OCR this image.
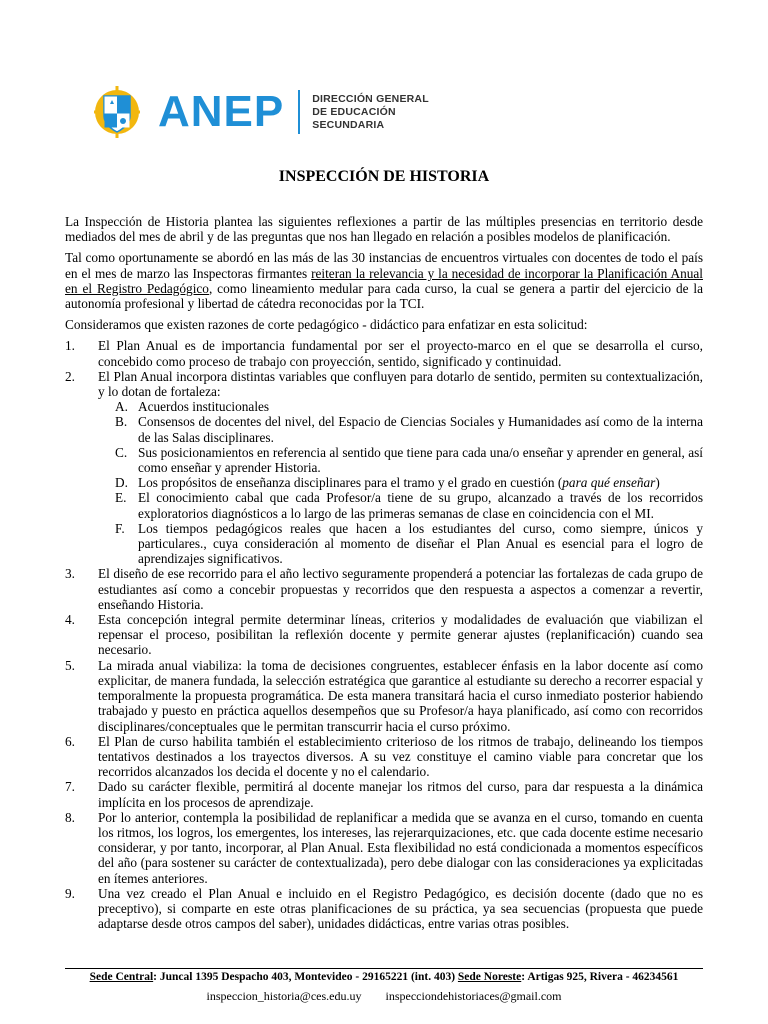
ANEP	DIRECCIÓN GENERAL
DE EDUCACIÓN
SECUNDARIA
INSPECCIÓN DE HISTORIA

La Inspección de Historia plantea las siguientes reflexiones a partir de las múltiples presencias en territorio desde mediados del mes de abril y de las preguntas que nos han llegado en relación a posibles modelos de planificación.

Tal como oportunamente se abordó en las más de las 30 instancias de encuentros virtuales con docentes de todo el país en el mes de marzo las Inspectoras firmantes reiteran la relevancia y la necesidad de incorporar la Planificación Anual en el Registro Pedagógico, como lineamiento medular para cada curso, la cual se genera a partir del ejercicio de la autonomía profesional y libertad de cátedra reconocidas por la TCI.

Consideramos que existen razones de corte pedagógico - didáctico para enfatizar en esta solicitud:

1. El Plan Anual es de importancia fundamental por ser el proyecto-marco en el que se desarrolla el curso, concebido como proceso de trabajo con proyección, sentido, significado y continuidad.
2. El Plan Anual incorpora distintas variables que confluyen para dotarlo de sentido, permiten su contextualización, y lo dotan de fortaleza:
A. Acuerdos institucionales
B. Consensos de docentes del nivel, del Espacio de Ciencias Sociales y Humanidades así como de la interna de las Salas disciplinares.
C. Sus posicionamientos en referencia al sentido que tiene para cada una/o enseñar y aprender en general, así como enseñar y aprender Historia.
D. Los propósitos de enseñanza disciplinares para el tramo y el grado en cuestión (para qué enseñar)
E. El conocimiento cabal que cada Profesor/a tiene de su grupo, alcanzado a través de los recorridos exploratorios diagnósticos a lo largo de las primeras semanas de clase en coincidencia con el MI.
F. Los tiempos pedagógicos reales que hacen a los estudiantes del curso, como siempre, únicos y particulares., cuya consideración al momento de diseñar el Plan Anual es esencial para el logro de aprendizajes significativos.
3. El diseño de ese recorrido para el año lectivo seguramente propenderá a potenciar las fortalezas de cada grupo de estudiantes así como a concebir propuestas y recorridos que den respuesta a aspectos a comenzar a revertir, enseñando Historia.
4. Esta concepción integral permite determinar líneas, criterios y modalidades de evaluación que viabilizan el repensar el proceso, posibilitan la reflexión docente y permite generar ajustes (replanificación) cuando sea necesario.
5. La mirada anual viabiliza: la toma de decisiones congruentes, establecer énfasis en la labor docente así como explicitar, de manera fundada, la selección estratégica que garantice al estudiante su derecho a recorrer espacial y temporalmente la propuesta programática. De esta manera transitará hacia el curso inmediato posterior habiendo trabajado y puesto en práctica aquellos desempeños que su Profesor/a haya planificado, así como con recorridos disciplinares/conceptuales que le permitan transcurrir hacia el curso próximo.
6. El Plan de curso habilita también el establecimiento criterioso de los ritmos de trabajo, delineando los tiempos tentativos destinados a los trayectos diversos. A su vez constituye el camino viable para concretar que los recorridos alcanzados los decida el docente y no el calendario.
7. Dado su carácter flexible, permitirá al docente manejar los ritmos del curso, para dar respuesta a la dinámica implícita en los procesos de aprendizaje.
8. Por lo anterior, contempla la posibilidad de replanificar a medida que se avanza en el curso, tomando en cuenta los ritmos, los logros, los emergentes, los intereses, las rejerarquizaciones, etc. que cada docente estime necesario considerar, y por tanto, incorporar, al Plan Anual. Esta flexibilidad no está condicionada a momentos específicos del año (para sostener su carácter de contextualizada), pero debe dialogar con las consideraciones ya explicitadas en ítemes anteriores.
9. Una vez creado el Plan Anual e incluido en el Registro Pedagógico, es decisión docente (dado que no es preceptivo), si comparte en este otras planificaciones de su práctica, ya sea secuencias (propuesta que puede adaptarse desde otros campos del saber), unidades didácticas, entre varias otras posibles.
Sede Central: Juncal 1395 Despacho 403, Montevideo - 29165221 (int. 403) Sede Noreste: Artigas 925, Rivera - 46234561
inspeccion_historia@ces.edu.uy inspecciondehistoriaces@gmail.com
